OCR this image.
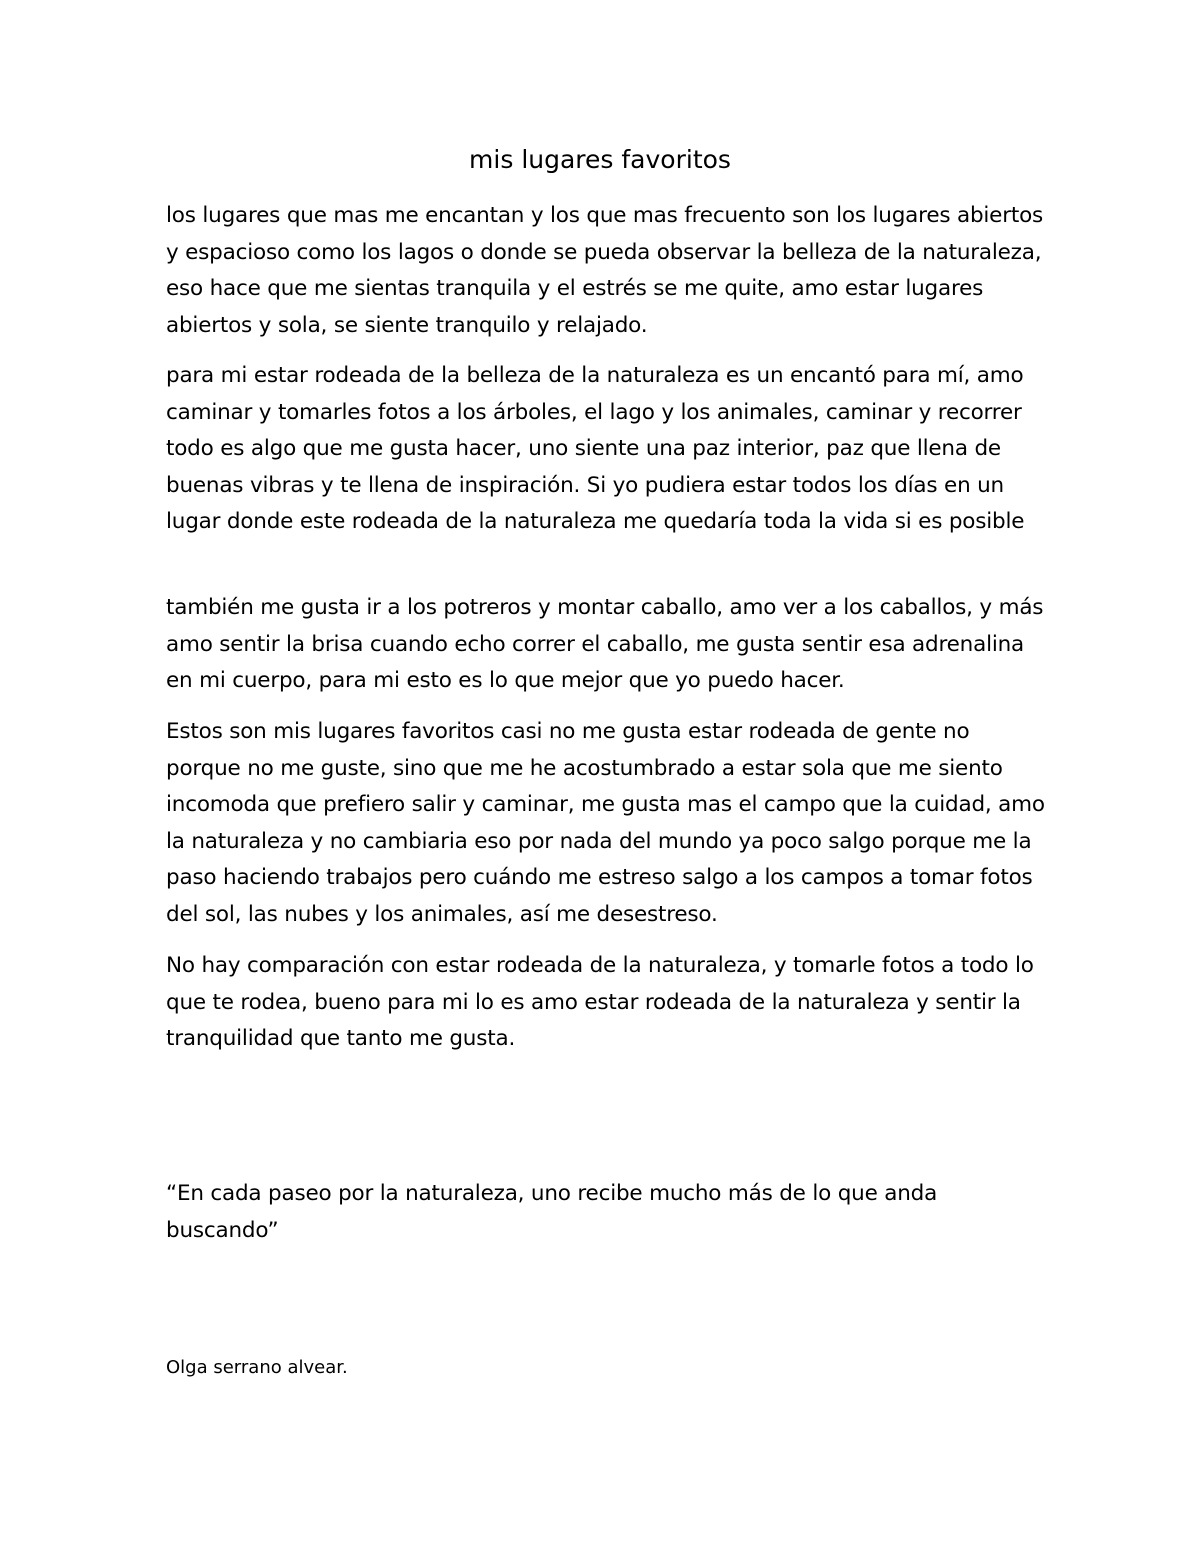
mis lugares favoritos

los lugares que mas me encantan y los que mas frecuento son los lugares abiertos y espacioso como los lagos o donde se pueda observar la belleza de la naturaleza, eso hace que me sientas tranquila y el estrés se me quite, amo estar lugares abiertos y sola, se siente tranquilo y relajado.

para mi estar rodeada de la belleza de la naturaleza es un encantó para mí, amo caminar y tomarles fotos a los árboles, el lago y los animales, caminar y recorrer todo es algo que me gusta hacer, uno siente una paz interior, paz que llena de buenas vibras y te llena de inspiración. Si yo pudiera estar todos los días en un lugar donde este rodeada de la naturaleza me quedaría toda la vida si es posible

también me gusta ir a los potreros y montar caballo, amo ver a los caballos, y más amo sentir la brisa cuando echo correr el caballo, me gusta sentir esa adrenalina en mi cuerpo, para mi esto es lo que mejor que yo puedo hacer.

Estos son mis lugares favoritos casi no me gusta estar rodeada de gente no porque no me guste, sino que me he acostumbrado a estar sola que me siento incomoda que prefiero salir y caminar, me gusta mas el campo que la cuidad, amo la naturaleza y no cambiaria eso por nada del mundo ya poco salgo porque me la paso haciendo trabajos pero cuándo me estreso salgo a los campos a tomar fotos del sol, las nubes y los animales, así me desestreso.

No hay comparación con estar rodeada de la naturaleza, y tomarle fotos a todo lo que te rodea, bueno para mi lo es amo estar rodeada de la naturaleza y sentir la tranquilidad que tanto me gusta.

“En cada paseo por la naturaleza, uno recibe mucho más de lo que anda buscando”

Olga serrano alvear.
